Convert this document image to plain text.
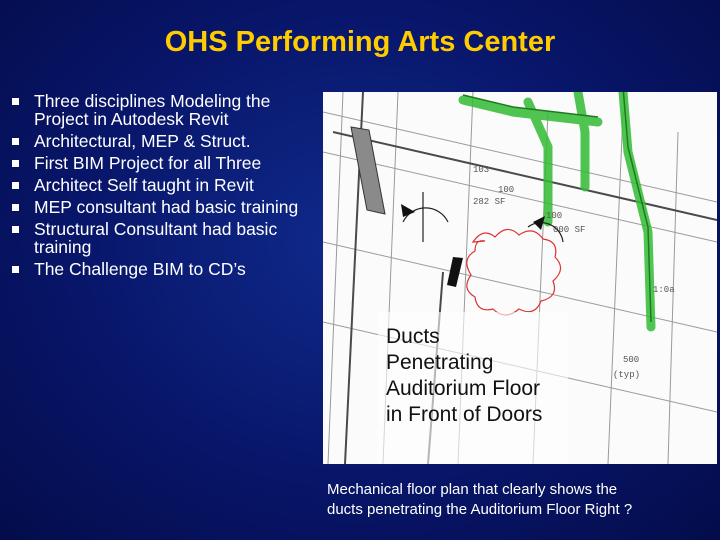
OHS Performing Arts Center
Three disciplines Modeling the Project in Autodesk Revit
Architectural, MEP & Struct.
First BIM Project for all Three
Architect Self taught in Revit
MEP consultant had basic training
Structural Consultant had basic training
The Challenge BIM to CD’s
103
100
282 SF
100
000 SF
1:0a
500
(typ)
Ducts
Penetrating
Auditorium Floor
in Front of Doors
Mechanical floor plan that clearly shows the
ducts penetrating the Auditorium Floor Right ?
